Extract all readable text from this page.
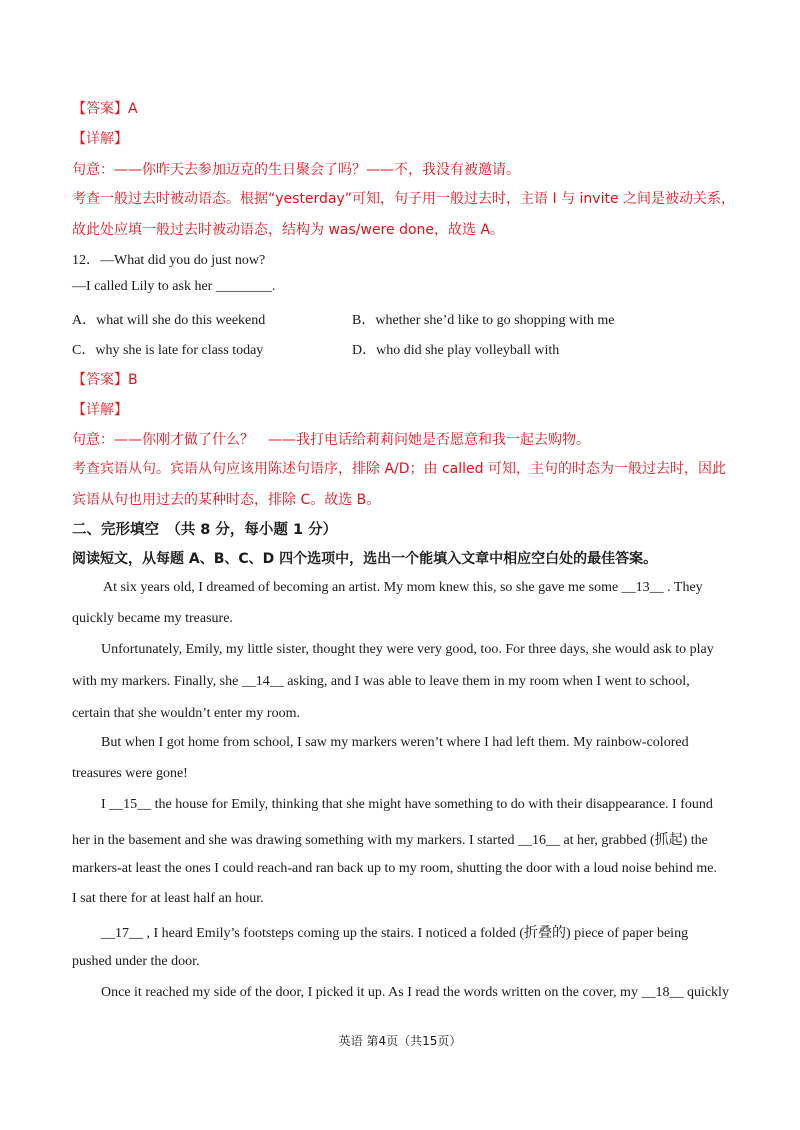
【答案】A
【详解】
句意：——你昨天去参加迈克的生日聚会了吗？——不，我没有被邀请。
考查一般过去时被动语态。根据“yesterday”可知，句子用一般过去时，主语 I 与 invite 之间是被动关系，
故此处应填一般过去时被动语态，结构为 was/were done，故选 A。
12．—What did you do just now?
—I called Lily to ask her ________.
A．what will she do this weekend	B．whether she’d like to go shopping with me
C．why she is late for class today	D．who did she play volleyball with
【答案】B
【详解】
句意：——你刚才做了什么？　——我打电话给莉莉问她是否愿意和我一起去购物。
考查宾语从句。宾语从句应该用陈述句语序，排除 A/D；由 called 可知，主句的时态为一般过去时，因此
宾语从句也用过去的某种时态，排除 C。故选 B。
二、完形填空　（共 8 分，每小题 1 分）
阅读短文，从每题 A、B、C、D 四个选项中，选出一个能填入文章中相应空白处的最佳答案。
At six years old, I dreamed of becoming an artist. My mom knew this, so she gave me some __13__ . They
quickly became my treasure.
Unfortunately, Emily, my little sister, thought they were very good, too. For three days, she would ask to play
with my markers. Finally, she __14__ asking, and I was able to leave them in my room when I went to school,
certain that she wouldn’t enter my room.
But when I got home from school, I saw my markers weren’t where I had left them. My rainbow-colored
treasures were gone!
I __15__ the house for Emily, thinking that she might have something to do with their disappearance. I found
her in the basement and she was drawing something with my markers. I started __16__ at her, grabbed (抓起) the
markers-at least the ones I could reach-and ran back up to my room, shutting the door with a loud noise behind me.
I sat there for at least half an hour.
__17__ , I heard Emily’s footsteps coming up the stairs. I noticed a folded (折叠的) piece of paper being
pushed under the door.
Once it reached my side of the door, I picked it up. As I read the words written on the cover, my __18__ quickly
英语 第4页（共15页）
